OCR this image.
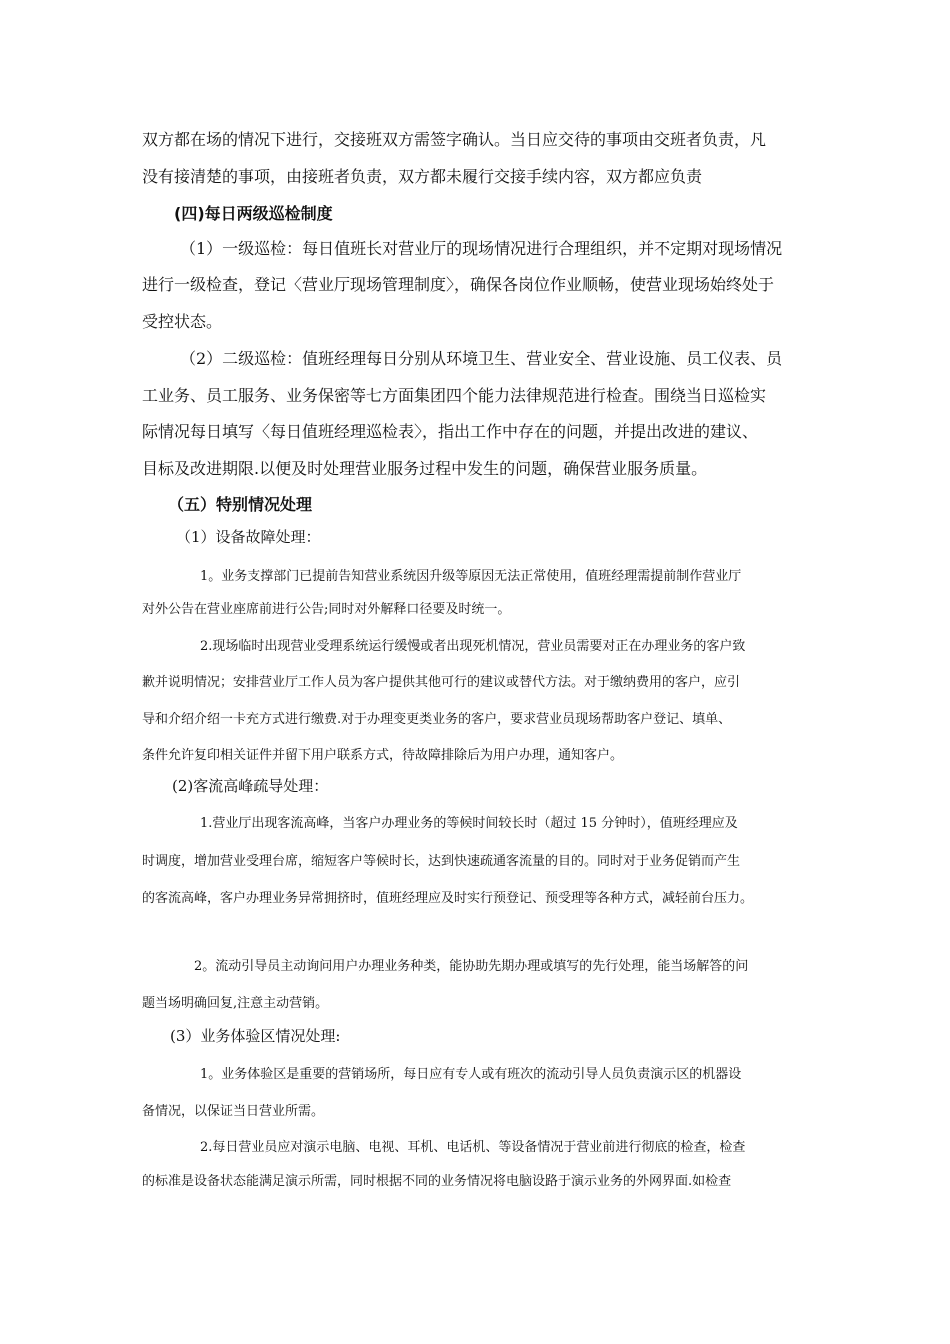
双方都在场的情况下进行，交接班双方需签字确认。当日应交待的事项由交班者负责，凡
没有接清楚的事项，由接班者负责，双方都未履行交接手续内容，双方都应负责
(四)每日两级巡检制度
（1）一级巡检：每日值班长对营业厅的现场情况进行合理组织，并不定期对现场情况
进行一级检查，登记〈营业厅现场管理制度〉，确保各岗位作业顺畅，使营业现场始终处于
受控状态。
（2）二级巡检：值班经理每日分别从环境卫生、营业安全、营业设施、员工仪表、员
工业务、员工服务、业务保密等七方面集团四个能力法律规范进行检查。围绕当日巡检实
际情况每日填写〈每日值班经理巡检表〉，指出工作中存在的问题，并提出改进的建议、
目标及改进期限.以便及时处理营业服务过程中发生的问题，确保营业服务质量。
（五）特别情况处理
（1）设备故障处理：
1。业务支撑部门已提前告知营业系统因升级等原因无法正常使用，值班经理需提前制作营业厅
对外公告在营业座席前进行公告;同时对外解释口径要及时统一。
2.现场临时出现营业受理系统运行缓慢或者出现死机情况，营业员需要对正在办理业务的客户致
歉并说明情况；安排营业厅工作人员为客户提供其他可行的建议或替代方法。对于缴纳费用的客户，应引
导和介绍介绍一卡充方式进行缴费.对于办理变更类业务的客户，要求营业员现场帮助客户登记、填单、
条件允许复印相关证件并留下用户联系方式，待故障排除后为用户办理，通知客户。
(2)客流高峰疏导处理：
1.营业厅出现客流高峰，当客户办理业务的等候时间较长时（超过 15 分钟时），值班经理应及
时调度，增加营业受理台席，缩短客户等候时长，达到快速疏通客流量的目的。同时对于业务促销而产生
的客流高峰，客户办理业务异常拥挤时，值班经理应及时实行预登记、预受理等各种方式，减轻前台压力。
2。流动引导员主动询问用户办理业务种类，能协助先期办理或填写的先行处理，能当场解答的问
题当场明确回复,注意主动营销。
(3）业务体验区情况处理:
1。业务体验区是重要的营销场所，每日应有专人或有班次的流动引导人员负责演示区的机器设
备情况，以保证当日营业所需。
2.每日营业员应对演示电脑、电视、耳机、电话机、等设备情况于营业前进行彻底的检查，检查
的标准是设备状态能满足演示所需，同时根据不同的业务情况将电脑设路于演示业务的外网界面.如检查
